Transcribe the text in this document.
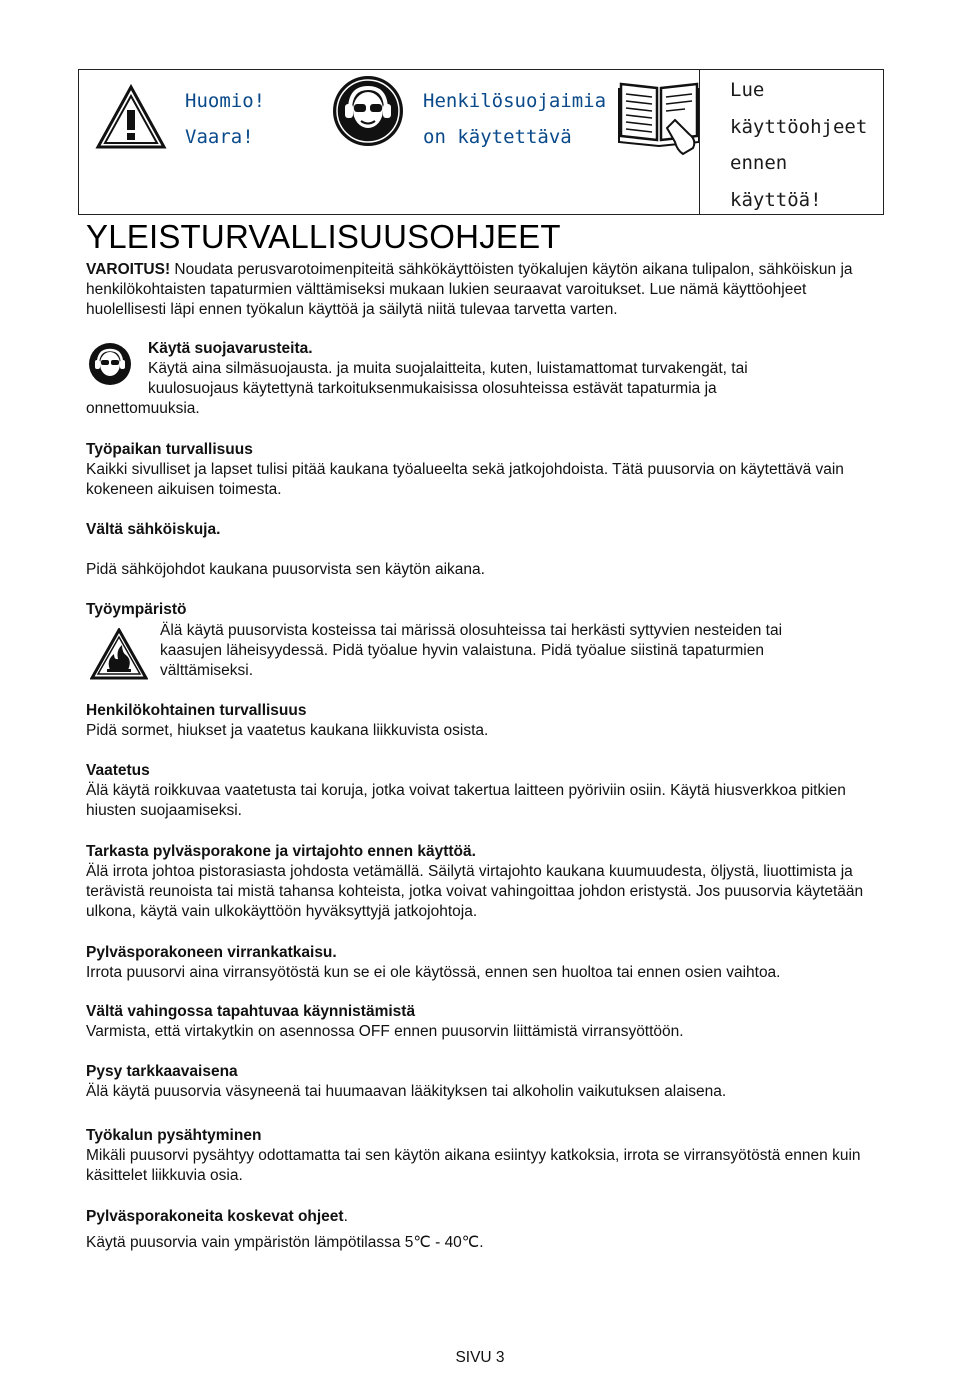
Huomio!
Vaara!
Henkilösuojaimia
on käytettävä
Lue
käyttöohjeet
ennen
käyttöä!
YLEISTURVALLISUUSOHJEET

VAROITUS! Noudata perusvarotoimenpiteitä sähkökäyttöisten työkalujen käytön aikana tulipalon, sähköiskun ja henkilökohtaisten tapaturmien välttämiseksi mukaan lukien seuraavat varoitukset. Lue nämä käyttöohjeet huolellisesti läpi ennen työkalun käyttöä ja säilytä niitä tulevaa tarvetta varten.

Käytä suojavarusteita.

Käytä aina silmäsuojausta. ja muita suojalaitteita, kuten, luistamattomat turvakengät, tai

kuulosuojaus käytettynä tarkoituksenmukaisissa olosuhteissa estävät tapaturmia ja

onnettomuuksia.

Työpaikan turvallisuus

Kaikki sivulliset ja lapset tulisi pitää kaukana työalueelta sekä jatkojohdoista. Tätä puusorvia on käytettävä vain kokeneen aikuisen toimesta.

Vältä sähköiskuja.

Pidä sähköjohdot kaukana puusorvista sen käytön aikana.

Työympäristö

Älä käytä puusorvista kosteissa tai märissä olosuhteissa tai herkästi syttyvien nesteiden tai

kaasujen läheisyydessä. Pidä työalue hyvin valaistuna. Pidä työalue siistinä tapaturmien

välttämiseksi.

Henkilökohtainen turvallisuus

Pidä sormet, hiukset ja vaatetus kaukana liikkuvista osista.

Vaatetus

Älä käytä roikkuvaa vaatetusta tai koruja, jotka voivat takertua laitteen pyöriviin osiin. Käytä hiusverkkoa pitkien hiusten suojaamiseksi.

Tarkasta pylväsporakone ja virtajohto ennen käyttöä.

Älä irrota johtoa pistorasiasta johdosta vetämällä. Säilytä virtajohto kaukana kuumuudesta, öljystä, liuottimista ja terävistä reunoista tai mistä tahansa kohteista, jotka voivat vahingoittaa johdon eristystä. Jos puusorvia käytetään ulkona, käytä vain ulkokäyttöön hyväksyttyjä jatkojohtoja.

Pylväsporakoneen virrankatkaisu.

Irrota puusorvi aina virransyötöstä kun se ei ole käytössä, ennen sen huoltoa tai ennen osien vaihtoa.

Vältä vahingossa tapahtuvaa käynnistämistä

Varmista, että virtakytkin on asennossa OFF ennen puusorvin liittämistä virransyöttöön.

Pysy tarkkaavaisena

Älä käytä puusorvia väsyneenä tai huumaavan lääkityksen tai alkoholin vaikutuksen alaisena.

Työkalun pysähtyminen

Mikäli puusorvi pysähtyy odottamatta tai sen käytön aikana esiintyy katkoksia, irrota se virransyötöstä ennen kuin käsittelet liikkuvia osia.

Pylväsporakoneita koskevat ohjeet.

Käytä puusorvia vain ympäristön lämpötilassa 5℃ - 40℃.

SIVU 3
